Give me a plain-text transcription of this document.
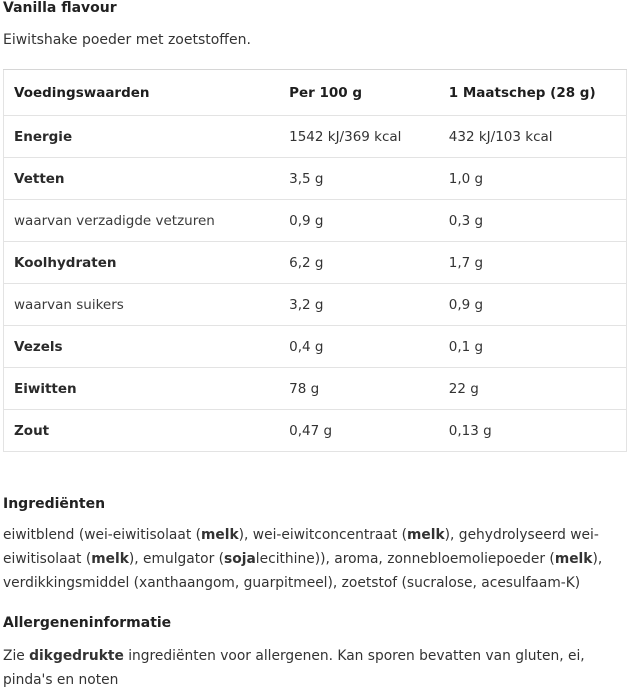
Vanilla flavour
Eiwitshake poeder met zoetstoffen.
Voedingswaarden	Per 100 g	1 Maatschep (28 g)
Energie	1542 kJ/369 kcal	432 kJ/103 kcal
Vetten	3,5 g	1,0 g
waarvan verzadigde vetzuren	0,9 g	0,3 g
Koolhydraten	6,2 g	1,7 g
waarvan suikers	3,2 g	0,9 g
Vezels	0,4 g	0,1 g
Eiwitten	78 g	22 g
Zout	0,47 g	0,13 g
Ingrediënten
eiwitblend (wei-eiwitisolaat (melk), wei-eiwitconcentraat (melk), gehydrolyseerd wei-eiwitisolaat (melk), emulgator (sojalecithine)), aroma, zonnebloemoliepoeder (melk), verdikkingsmiddel (xanthaangom, guarpitmeel), zoetstof (sucralose, acesulfaam-K)
Allergeneninformatie
Zie dikgedrukte ingrediënten voor allergenen. Kan sporen bevatten van gluten, ei, pinda's en noten
